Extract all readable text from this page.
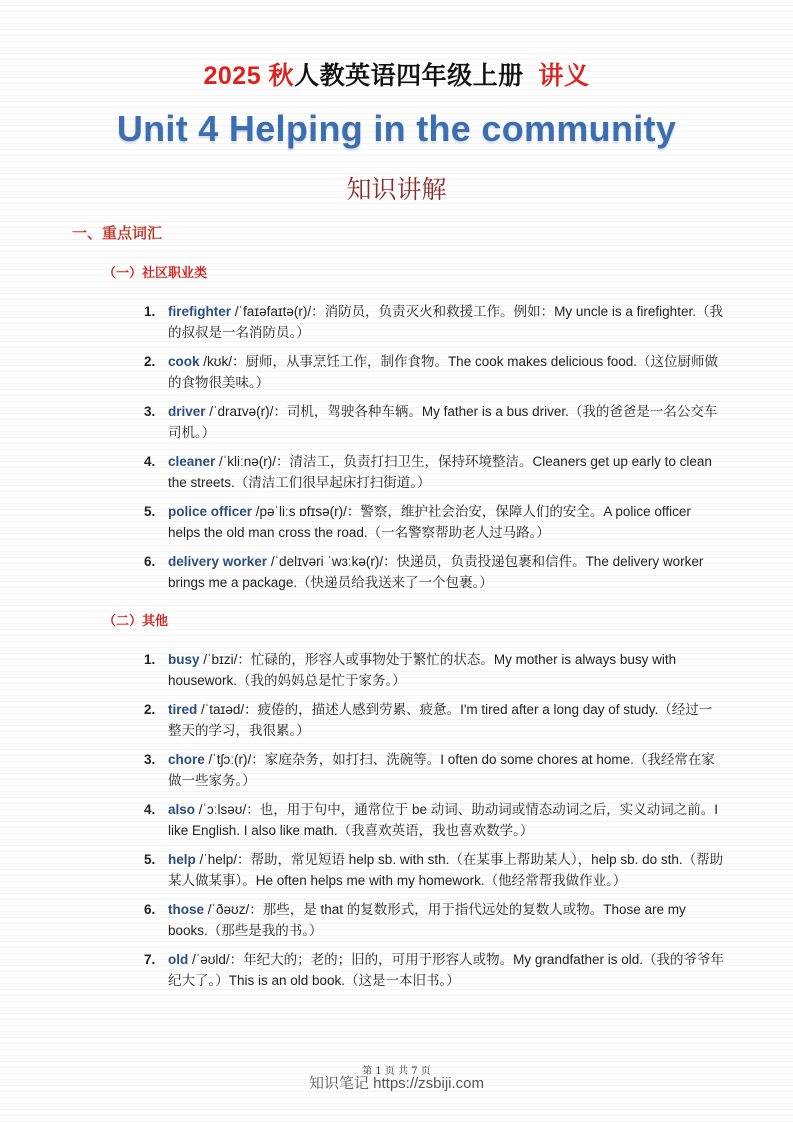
2025 秋人教英语四年级上册 讲义
Unit 4 Helping in the community
知识讲解
一、重点词汇
（一）社区职业类
1. firefighter /ˈfaɪəfaɪtə(r)/：消防员，负责灭火和救援工作。例如：My uncle is a firefighter.（我的叔叔是一名消防员。）
2. cook /kʊk/：厨师，从事烹饪工作，制作食物。The cook makes delicious food.（这位厨师做的食物很美味。）
3. driver /ˈdraɪvə(r)/：司机，驾驶各种车辆。My father is a bus driver.（我的爸爸是一名公交车司机。）
4. cleaner /ˈkliːnə(r)/：清洁工，负责打扫卫生，保持环境整洁。Cleaners get up early to clean the streets.（清洁工们很早起床打扫街道。）
5. police officer /pəˈliːs ɒfɪsə(r)/：警察，维护社会治安，保障人们的安全。A police officer helps the old man cross the road.（一名警察帮助老人过马路。）
6. delivery worker /ˈdelɪvəri ˈwɜːkə(r)/：快递员，负责投递包裹和信件。The delivery worker brings me a package.（快递员给我送来了一个包裹。）
（二）其他
1. busy /ˈbɪzi/：忙碌的，形容人或事物处于繁忙的状态。My mother is always busy with housework.（我的妈妈总是忙于家务。）
2. tired /ˈtaɪəd/：疲倦的，描述人感到劳累、疲惫。I'm tired after a long day of study.（经过一整天的学习，我很累。）
3. chore /ˈtʃɔː(r)/：家庭杂务，如打扫、洗碗等。I often do some chores at home.（我经常在家做一些家务。）
4. also /ˈɔːlsəʊ/：也，用于句中，通常位于 be 动词、助动词或情态动词之后，实义动词之前。I like English. I also like math.（我喜欢英语，我也喜欢数学。）
5. help /ˈhelp/：帮助，常见短语 help sb. with sth.（在某事上帮助某人），help sb. do sth.（帮助某人做某事）。He often helps me with my homework.（他经常帮我做作业。）
6. those /ˈðəʊz/：那些，是 that 的复数形式，用于指代远处的复数人或物。Those are my books.（那些是我的书。）
7. old /ˈəʊld/：年纪大的；老的；旧的，可用于形容人或物。My grandfather is old.（我的爷爷年纪大了。）This is an old book.（这是一本旧书。）
第 1 页 共 7 页
知识笔记 https://zsbiji.com
